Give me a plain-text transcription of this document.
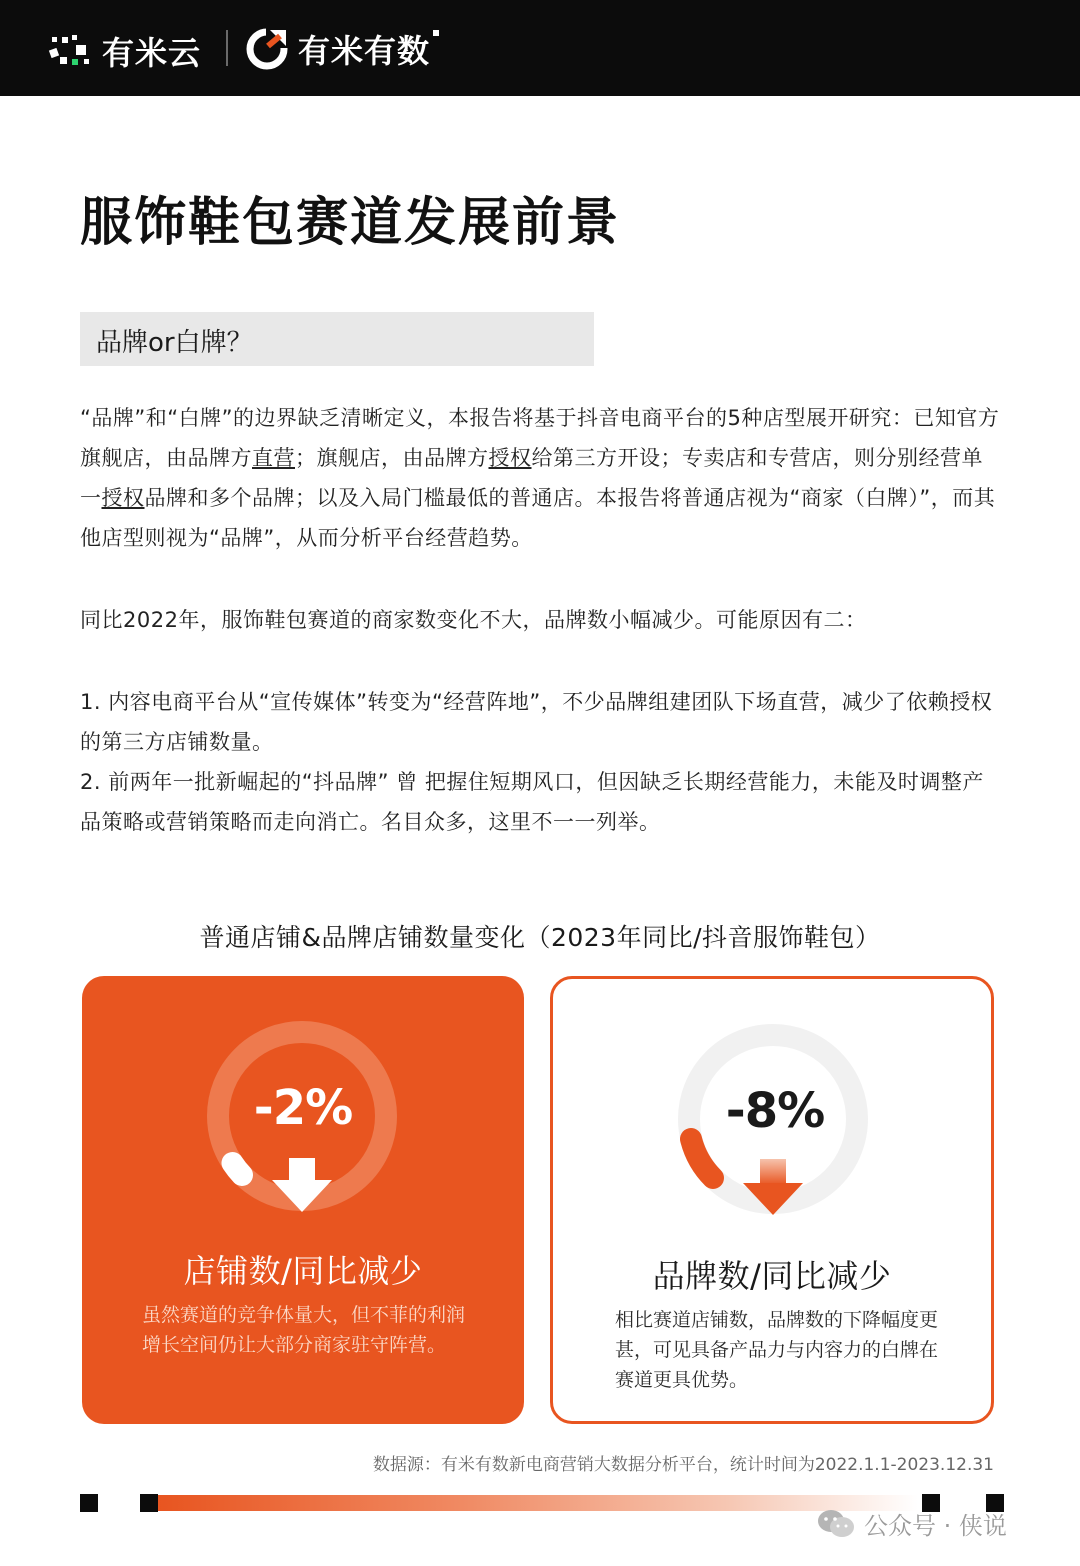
有米云	有米有数
服饰鞋包赛道发展前景
品牌or白牌？
“品牌”和“白牌”的边界缺乏清晰定义，本报告将基于抖音电商平台的5种店型展开研究：已知官方旗舰店，由品牌方直营；旗舰店，由品牌方授权给第三方开设；专卖店和专营店，则分别经营单一授权品牌和多个品牌；以及入局门槛最低的普通店。本报告将普通店视为“商家（白牌）”，而其他店型则视为“品牌”，从而分析平台经营趋势。
同比2022年，服饰鞋包赛道的商家数变化不大，品牌数小幅减少。可能原因有二：
1. 内容电商平台从“宣传媒体”转变为“经营阵地”，不少品牌组建团队下场直营，减少了依赖授权的第三方店铺数量。
2. 前两年一批新崛起的“抖品牌” 曾 把握住短期风口，但因缺乏长期经营能力，未能及时调整产品策略或营销策略而走向消亡。名目众多，这里不一一列举。
普通店铺&品牌店铺数量变化（2023年同比/抖音服饰鞋包）
-2%
店铺数/同比减少
虽然赛道的竞争体量大，但不菲的利润增长空间仍让大部分商家驻守阵营。
-8%
品牌数/同比减少
相比赛道店铺数，品牌数的下降幅度更甚，可见具备产品力与内容力的白牌在赛道更具优势。
数据源：有米有数新电商营销大数据分析平台，统计时间为2022.1.1-2023.12.31
公众号 · 侠说
